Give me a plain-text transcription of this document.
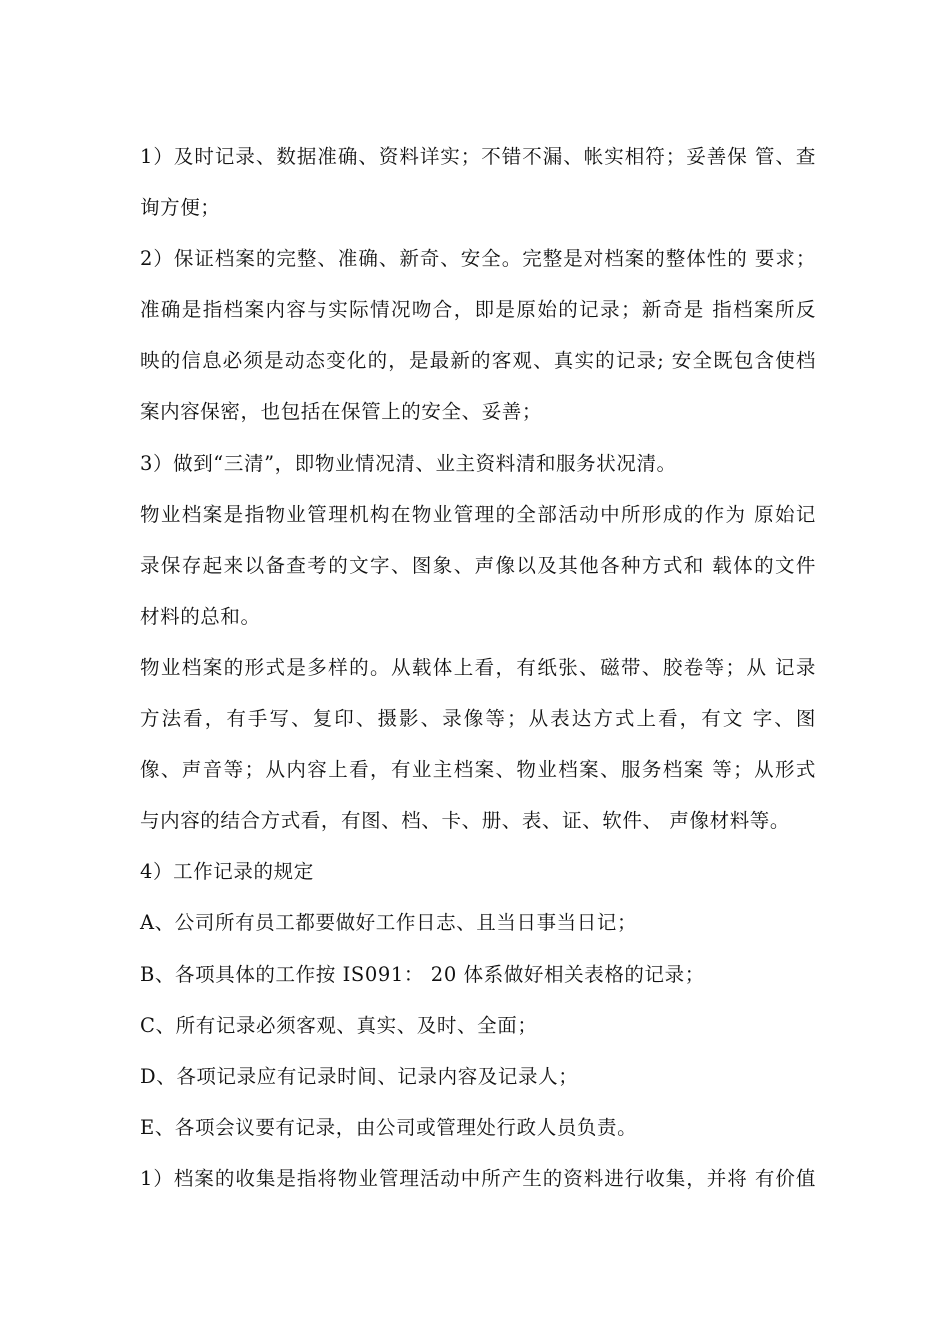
1）及时记录、数据准确、资料详实；不错不漏、帐实相符；妥善保 管、查
询方便；
2）保证档案的完整、准确、新奇、安全。完整是对档案的整体性的 要求；
准确是指档案内容与实际情况吻合，即是原始的记录；新奇是 指档案所反
映的信息必须是动态变化的，是最新的客观、真实的记录; 安全既包含使档
案内容保密，也包括在保管上的安全、妥善；
3）做到“三清”，即物业情况清、业主资料清和服务状况清。
物业档案是指物业管理机构在物业管理的全部活动中所形成的作为 原始记
录保存起来以备查考的文字、图象、声像以及其他各种方式和 载体的文件
材料的总和。
物业档案的形式是多样的。从载体上看，有纸张、磁带、胶卷等；从 记录
方法看，有手写、复印、摄影、录像等；从表达方式上看，有文 字、图
像、声音等；从内容上看，有业主档案、物业档案、服务档案 等；从形式
与内容的结合方式看，有图、档、卡、册、表、证、软件、 声像材料等。
4）工作记录的规定
A、公司所有员工都要做好工作日志、且当日事当日记；
B、各项具体的工作按 IS091： 20 体系做好相关表格的记录；
C、所有记录必须客观、真实、及时、全面；
D、各项记录应有记录时间、记录内容及记录人；
E、各项会议要有记录，由公司或管理处行政人员负责。
1）档案的收集是指将物业管理活动中所产生的资料进行收集，并将 有价值
